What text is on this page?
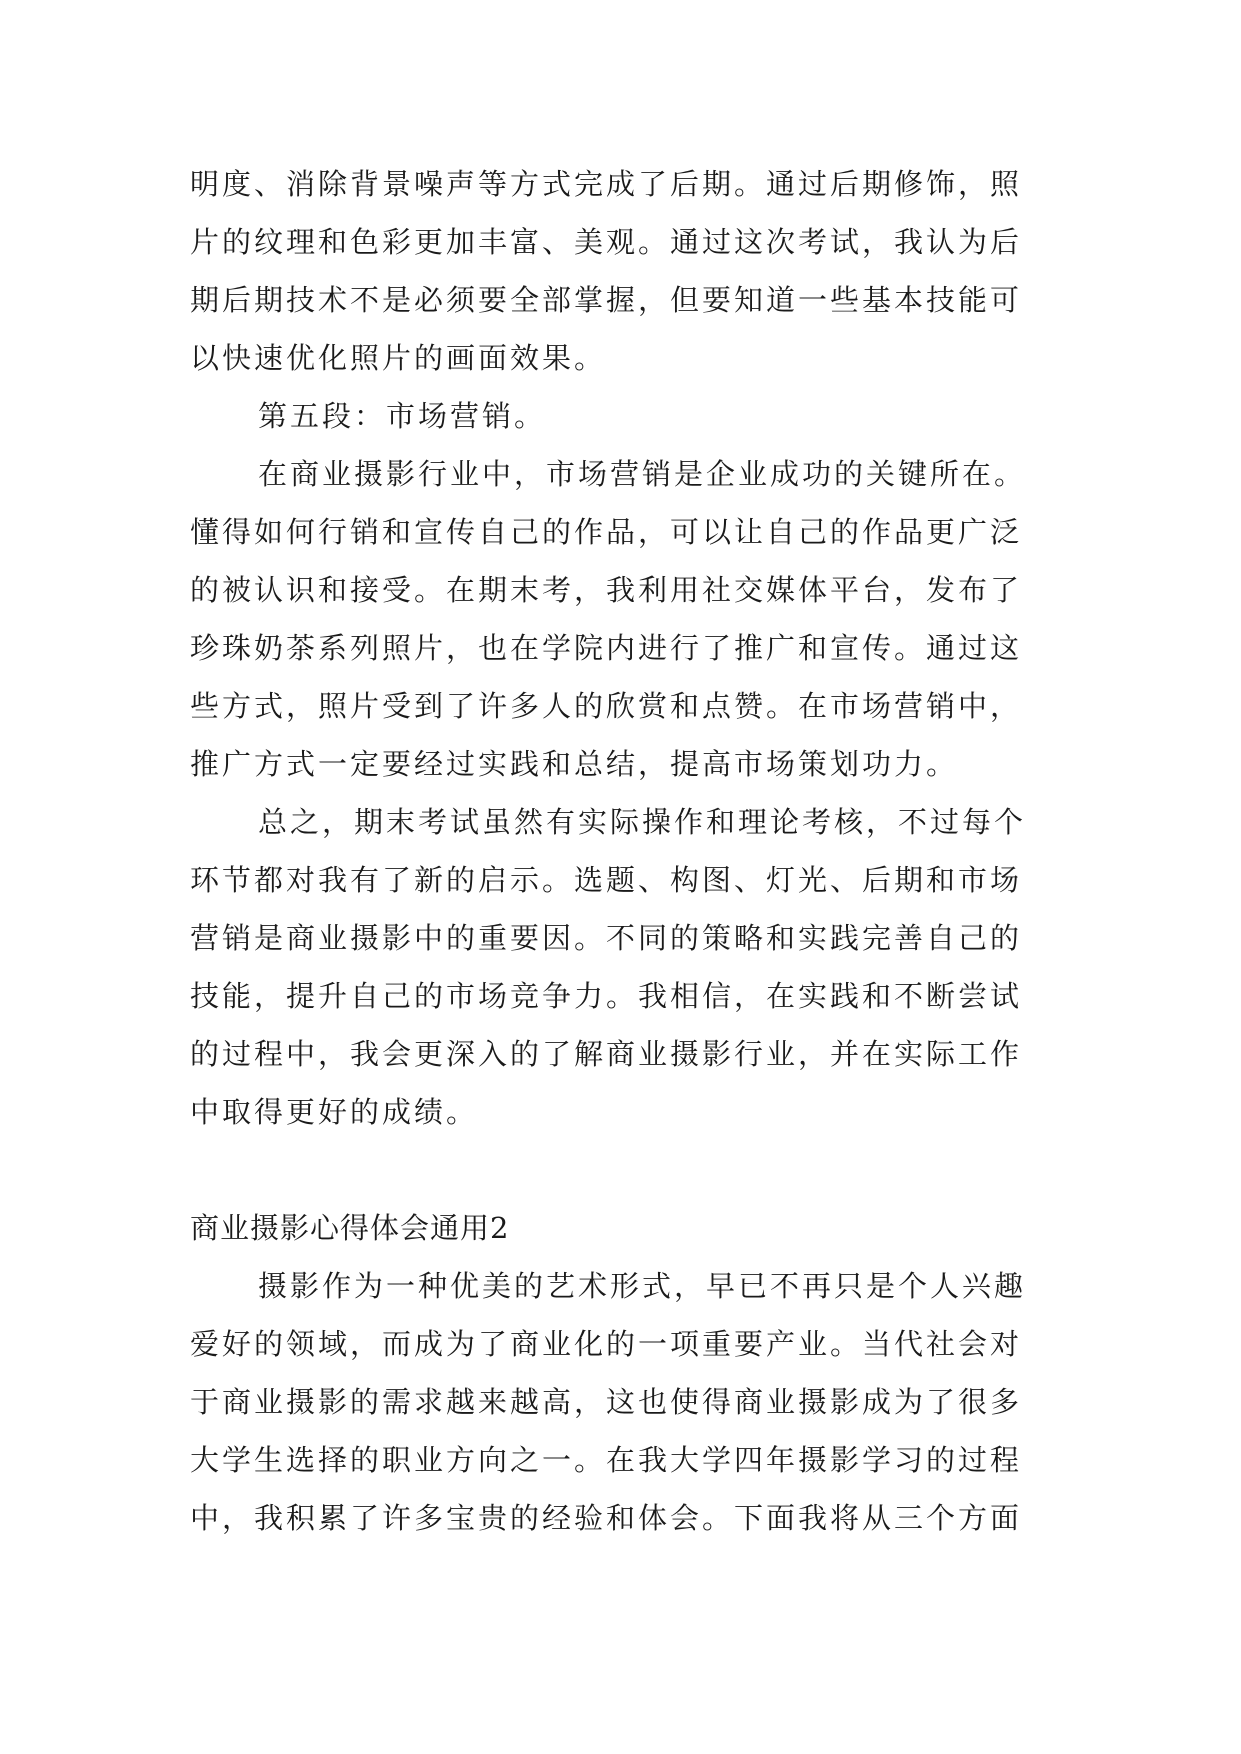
明度、消除背景噪声等方式完成了后期。通过后期修饰，照
片的纹理和色彩更加丰富、美观。通过这次考试，我认为后
期后期技术不是必须要全部掌握，但要知道一些基本技能可
以快速优化照片的画面效果。

第五段：市场营销。

在商业摄影行业中，市场营销是企业成功的关键所在。
懂得如何行销和宣传自己的作品，可以让自己的作品更广泛
的被认识和接受。在期末考，我利用社交媒体平台，发布了
珍珠奶茶系列照片，也在学院内进行了推广和宣传。通过这
些方式，照片受到了许多人的欣赏和点赞。在市场营销中，
推广方式一定要经过实践和总结，提高市场策划功力。

总之，期末考试虽然有实际操作和理论考核，不过每个
环节都对我有了新的启示。选题、构图、灯光、后期和市场
营销是商业摄影中的重要因。不同的策略和实践完善自己的
技能，提升自己的市场竞争力。我相信，在实践和不断尝试
的过程中，我会更深入的了解商业摄影行业，并在实际工作
中取得更好的成绩。

商业摄影心得体会通用2

摄影作为一种优美的艺术形式，早已不再只是个人兴趣
爱好的领域，而成为了商业化的一项重要产业。当代社会对
于商业摄影的需求越来越高，这也使得商业摄影成为了很多
大学生选择的职业方向之一。在我大学四年摄影学习的过程
中，我积累了许多宝贵的经验和体会。下面我将从三个方面
